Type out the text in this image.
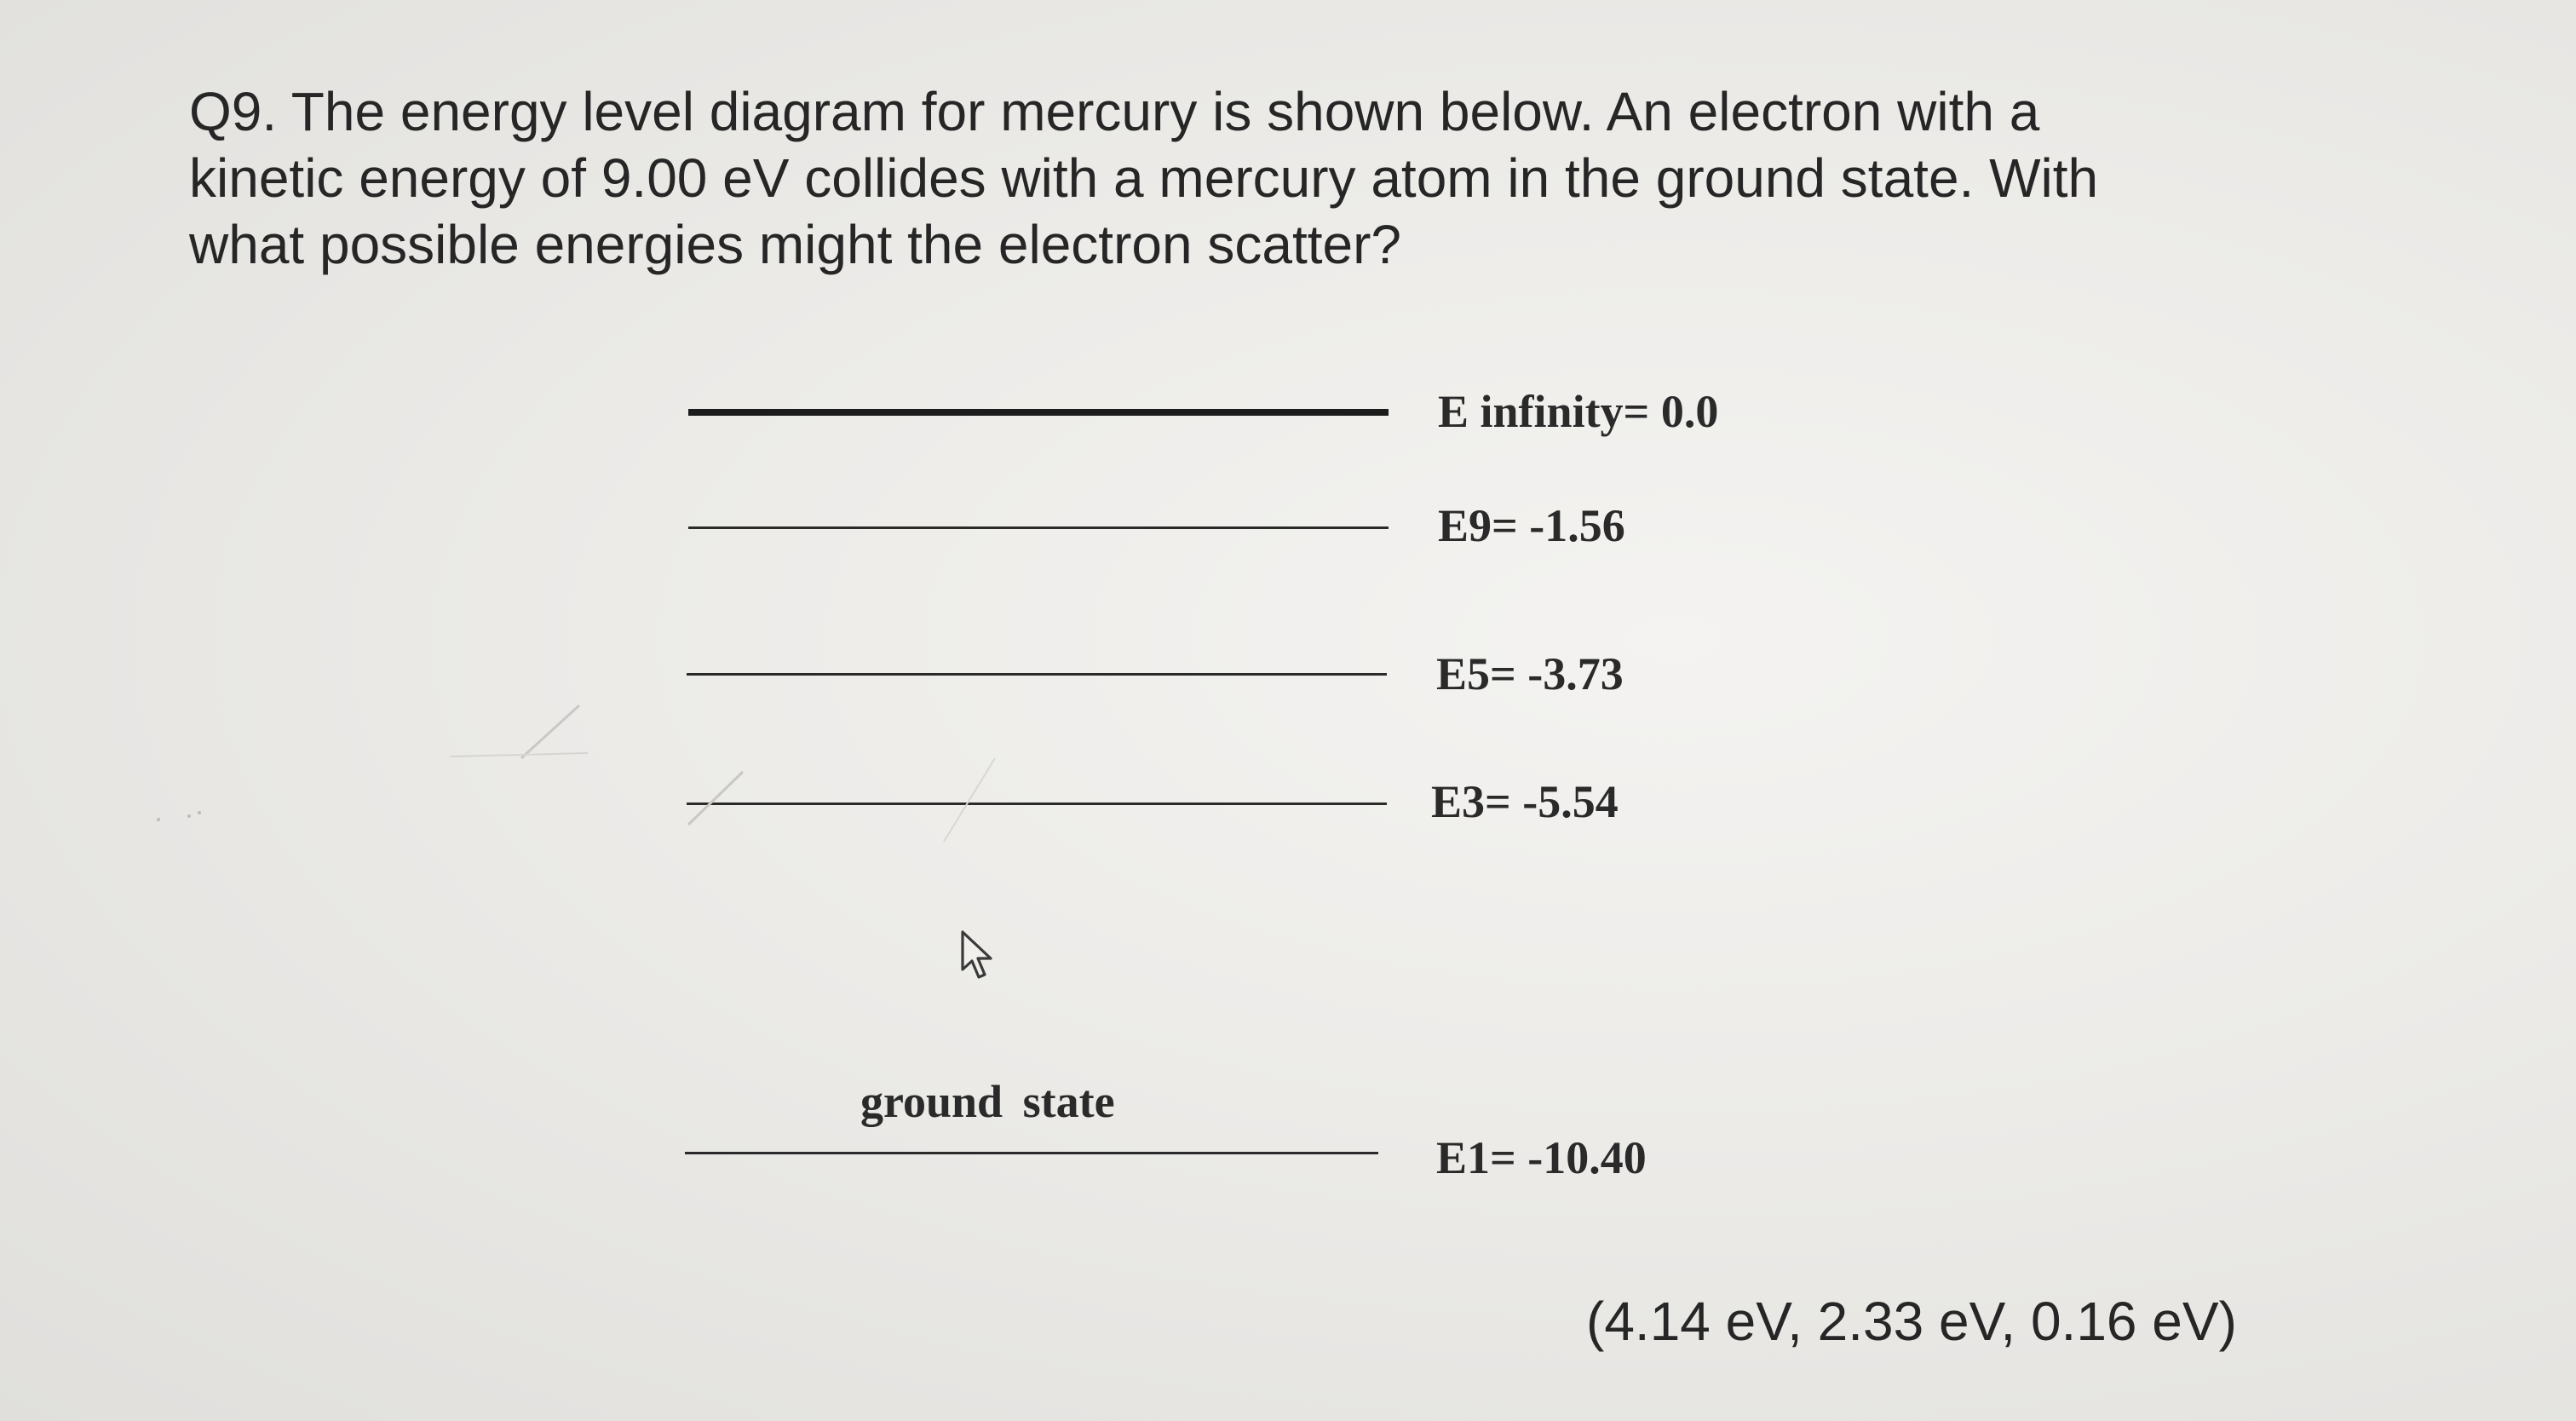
Q9. The energy level diagram for mercury is shown below. An electron with a
kinetic energy of 9.00 eV collides with a mercury atom in the ground state. With
what possible energies might the electron scatter?
E infinity= 0.0
E9= -1.56
E5= -3.73
E3= -5.54
ground state
E1= -10.40
(4.14 eV, 2.33 eV, 0.16 eV)
